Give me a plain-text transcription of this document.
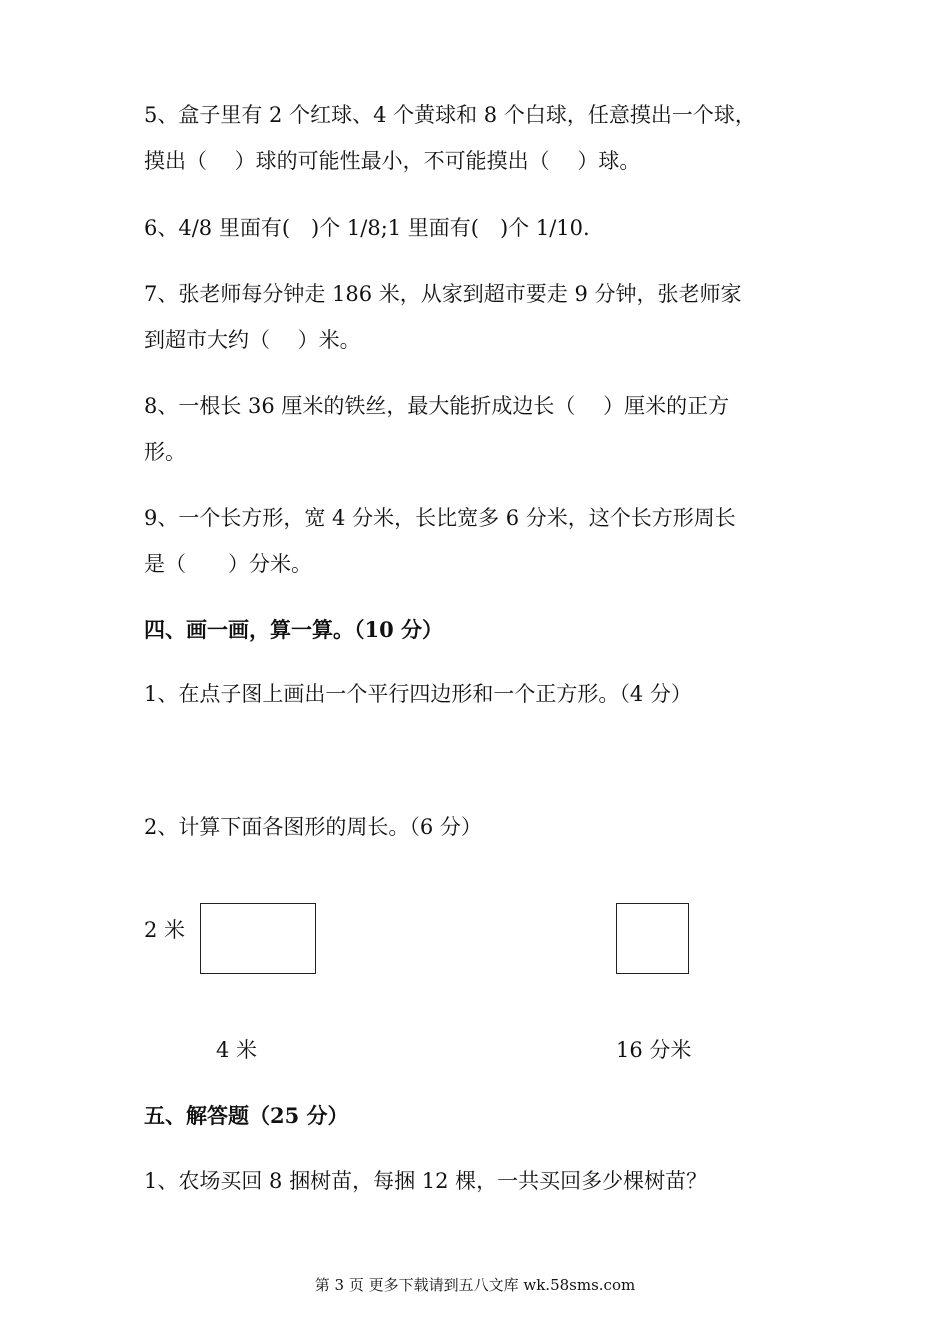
5、盒子里有 2 个红球、4 个黄球和 8 个白球，任意摸出一个球，
摸出（　 ）球的可能性最小，不可能摸出（　 ）球。
6、4/8 里面有(　)个 1/8;1 里面有(　)个 1/10.
7、张老师每分钟走 186 米，从家到超市要走 9 分钟，张老师家
到超市大约（　 ）米。
8、一根长 36 厘米的铁丝，最大能折成边长（　 ）厘米的正方
形。
9、一个长方形，宽 4 分米，长比宽多 6 分米，这个长方形周长
是（　　）分米。
四、画一画，算一算。（10 分）
1、在点子图上画出一个平行四边形和一个正方形。（4 分）
2、计算下面各图形的周长。（6 分）
2 米
4 米	16 分米
五、解答题（25 分）
1、农场买回 8 捆树苗，每捆 12 棵，一共买回多少棵树苗？
第 3 页 更多下载请到五八文库 wk.58sms.com
